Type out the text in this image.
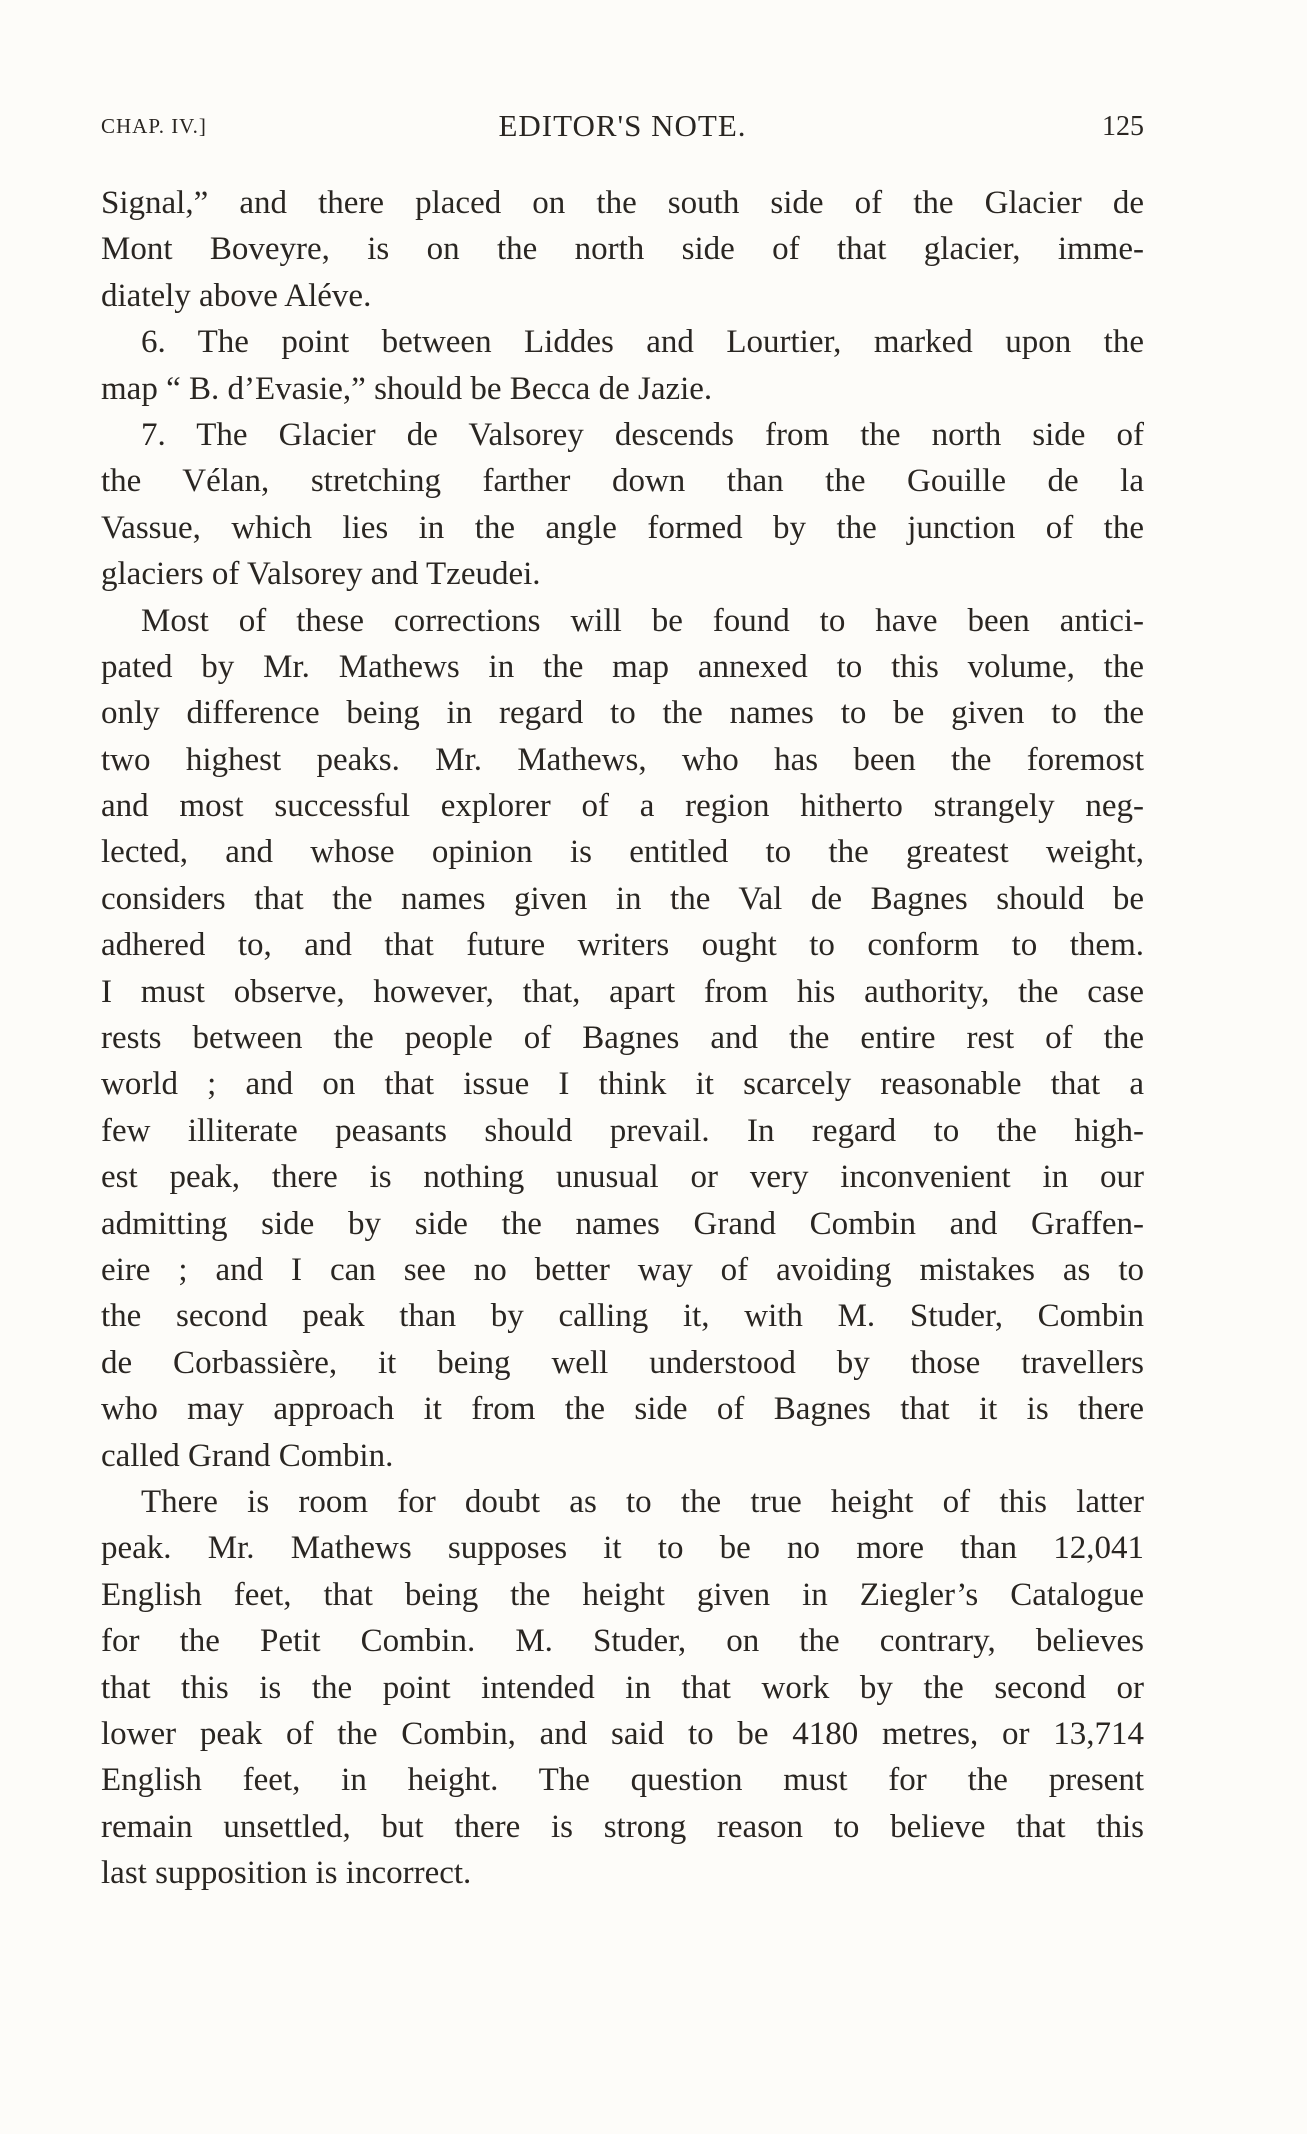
CHAP. IV.]	EDITOR'S NOTE.	125
Signal,” and there placed on the south side of the Glacier de
Mont Boveyre, is on the north side of that glacier, imme-
diately above Aléve.
6. The point between Liddes and Lourtier, marked upon the
map “ B. d’Evasie,” should be Becca de Jazie.
7. The Glacier de Valsorey descends from the north side of
the Vélan, stretching farther down than the Gouille de la
Vassue, which lies in the angle formed by the junction of the
glaciers of Valsorey and Tzeudei.
Most of these corrections will be found to have been antici-
pated by Mr. Mathews in the map annexed to this volume, the
only difference being in regard to the names to be given to the
two highest peaks. Mr. Mathews, who has been the foremost
and most successful explorer of a region hitherto strangely neg-
lected, and whose opinion is entitled to the greatest weight,
considers that the names given in the Val de Bagnes should be
adhered to, and that future writers ought to conform to them.
I must observe, however, that, apart from his authority, the case
rests between the people of Bagnes and the entire rest of the
world ; and on that issue I think it scarcely reasonable that a
few illiterate peasants should prevail. In regard to the high-
est peak, there is nothing unusual or very inconvenient in our
admitting side by side the names Grand Combin and Graffen-
eire ; and I can see no better way of avoiding mistakes as to
the second peak than by calling it, with M. Studer, Combin
de Corbassière, it being well understood by those travellers
who may approach it from the side of Bagnes that it is there
called Grand Combin.
There is room for doubt as to the true height of this latter
peak. Mr. Mathews supposes it to be no more than 12,041
English feet, that being the height given in Ziegler’s Catalogue
for the Petit Combin. M. Studer, on the contrary, believes
that this is the point intended in that work by the second or
lower peak of the Combin, and said to be 4180 metres, or 13,714
English feet, in height. The question must for the present
remain unsettled, but there is strong reason to believe that this
last supposition is incorrect.
